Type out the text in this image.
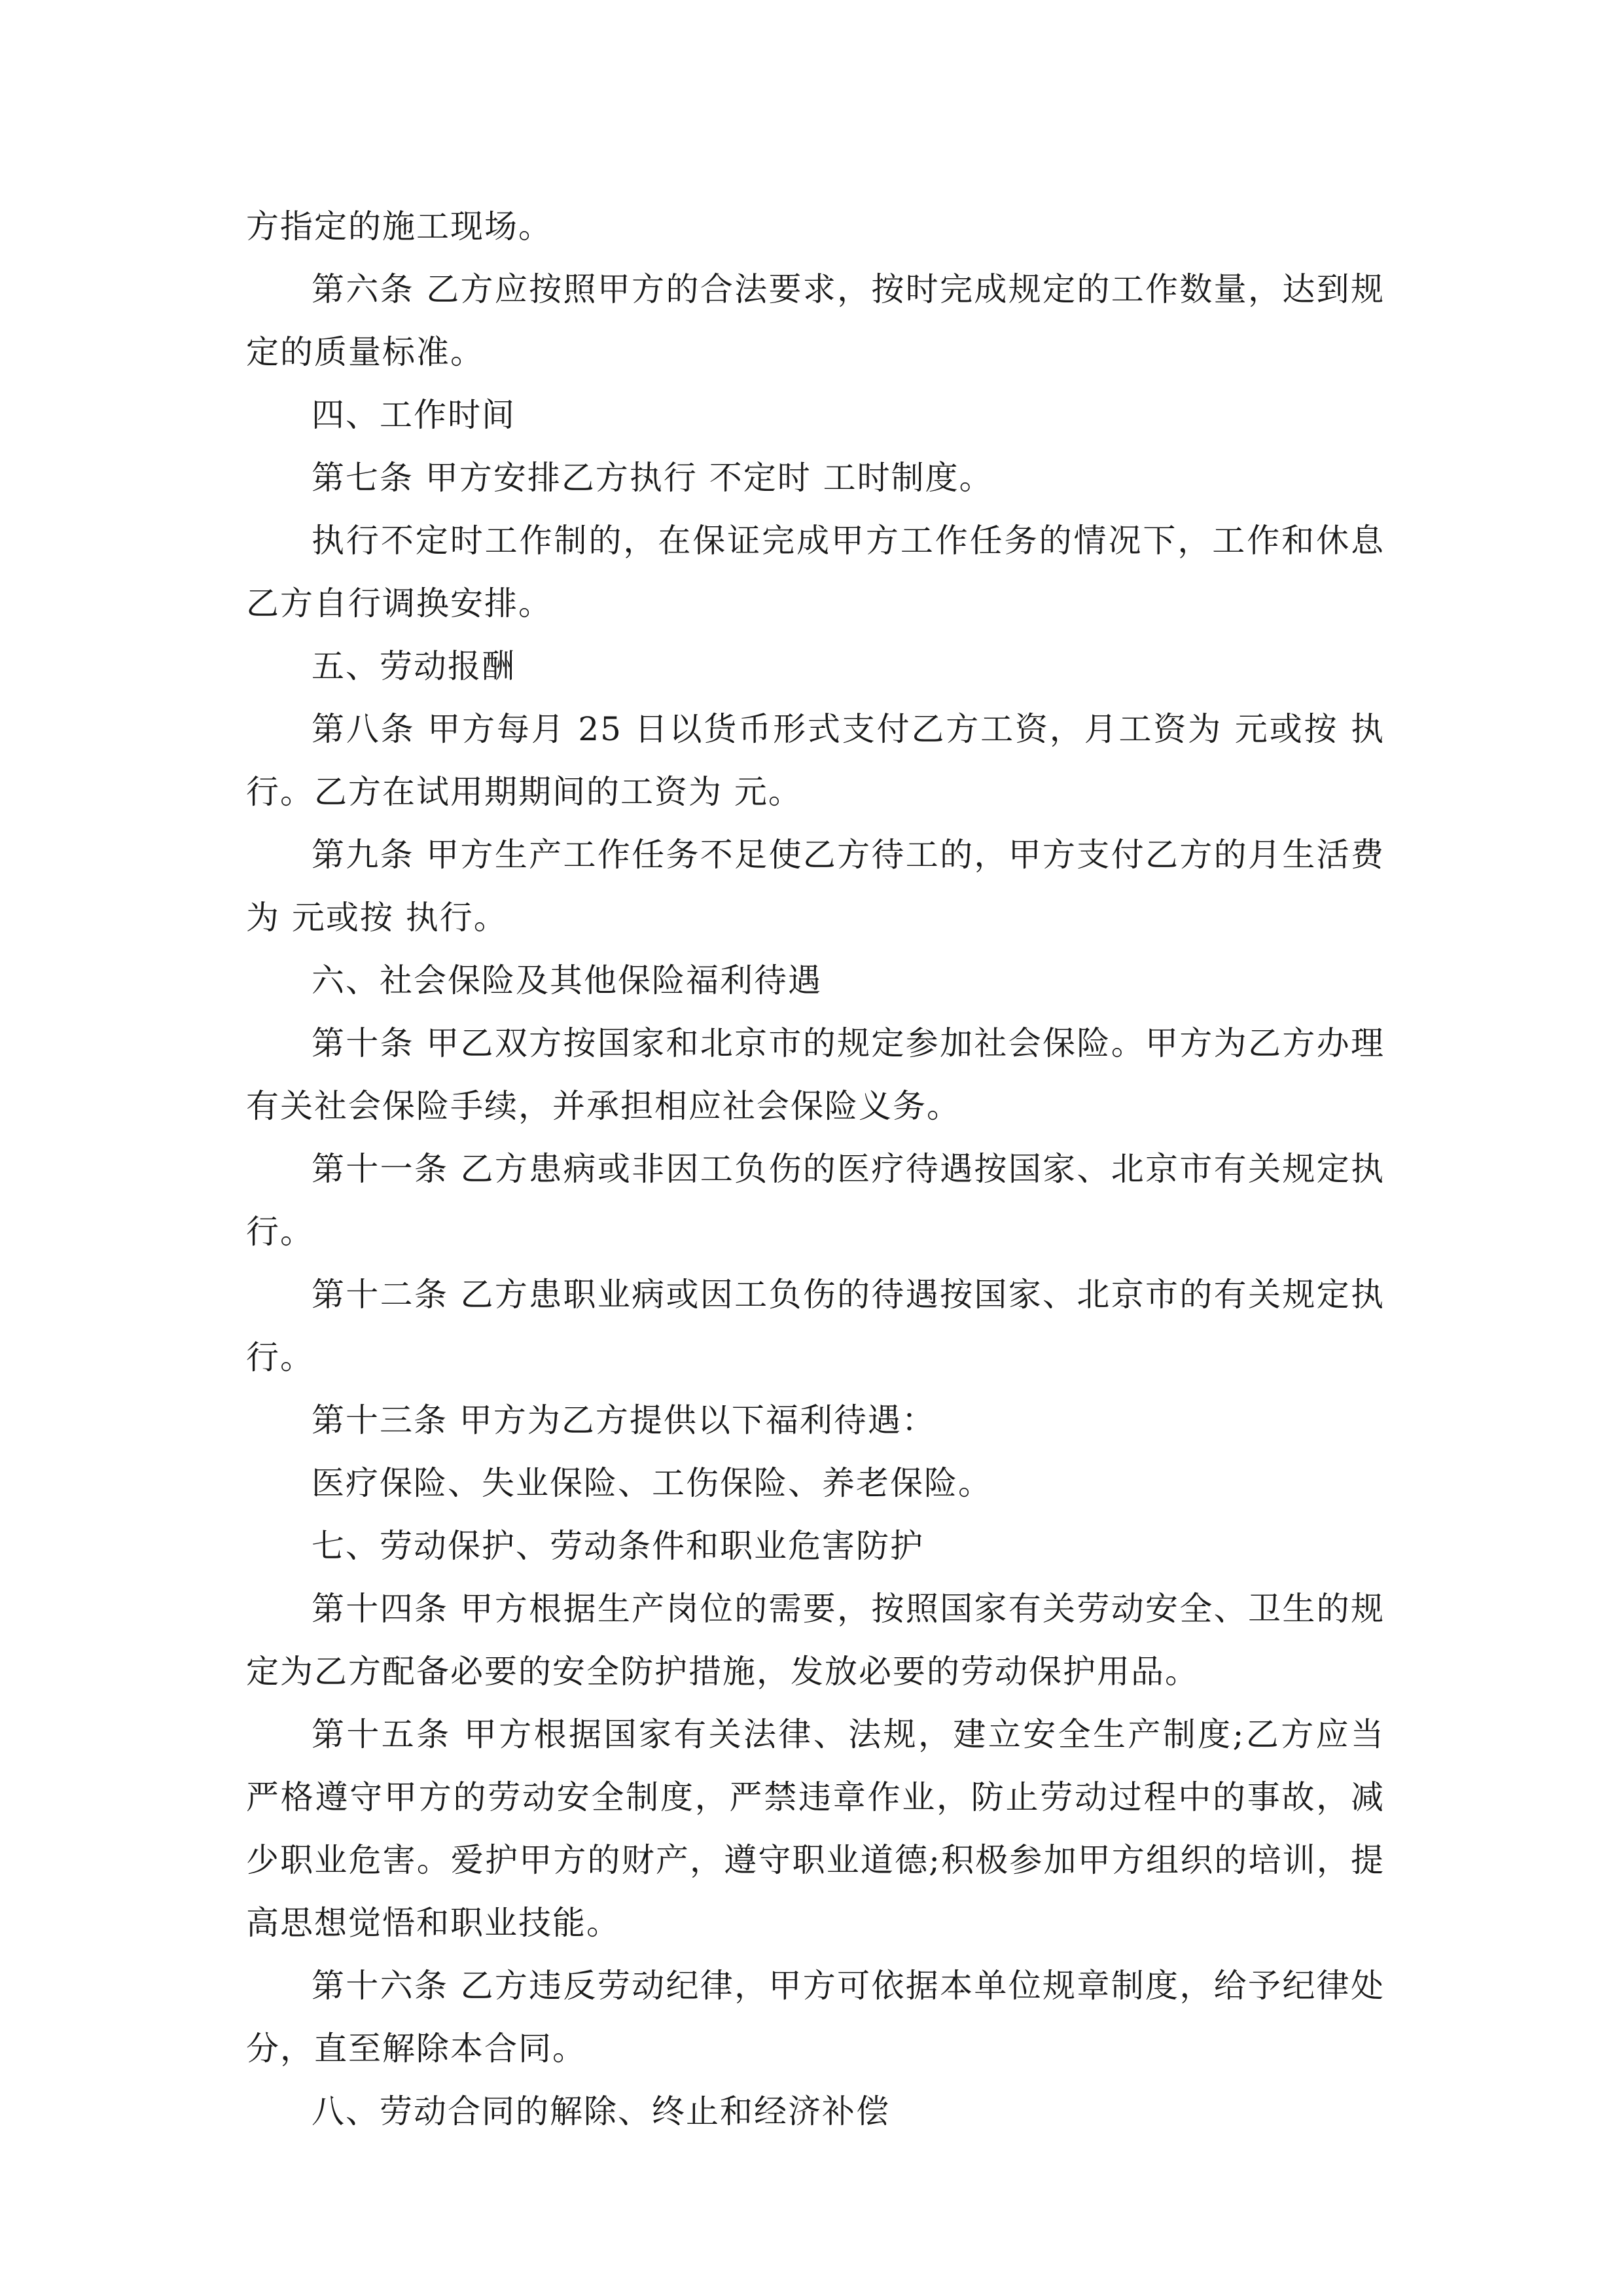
方指定的施工现场。

第六条 乙方应按照甲方的合法要求，按时完成规定的工作数量，达到规定的质量标准。

四、工作时间

第七条 甲方安排乙方执行 不定时 工时制度。

执行不定时工作制的，在保证完成甲方工作任务的情况下，工作和休息乙方自行调换安排。

五、劳动报酬

第八条 甲方每月 25 日以货币形式支付乙方工资，月工资为 元或按 执行。乙方在试用期期间的工资为 元。

第九条 甲方生产工作任务不足使乙方待工的，甲方支付乙方的月生活费为 元或按 执行。

六、社会保险及其他保险福利待遇

第十条 甲乙双方按国家和北京市的规定参加社会保险。甲方为乙方办理有关社会保险手续，并承担相应社会保险义务。

第十一条 乙方患病或非因工负伤的医疗待遇按国家、北京市有关规定执行。

第十二条 乙方患职业病或因工负伤的待遇按国家、北京市的有关规定执行。

第十三条 甲方为乙方提供以下福利待遇：

医疗保险、失业保险、工伤保险、养老保险。

七、劳动保护、劳动条件和职业危害防护

第十四条 甲方根据生产岗位的需要，按照国家有关劳动安全、卫生的规定为乙方配备必要的安全防护措施，发放必要的劳动保护用品。

第十五条 甲方根据国家有关法律、法规，建立安全生产制度;乙方应当严格遵守甲方的劳动安全制度，严禁违章作业，防止劳动过程中的事故，减少职业危害。爱护甲方的财产，遵守职业道德;积极参加甲方组织的培训，提高思想觉悟和职业技能。

第十六条 乙方违反劳动纪律，甲方可依据本单位规章制度，给予纪律处分，直至解除本合同。

八、劳动合同的解除、终止和经济补偿
